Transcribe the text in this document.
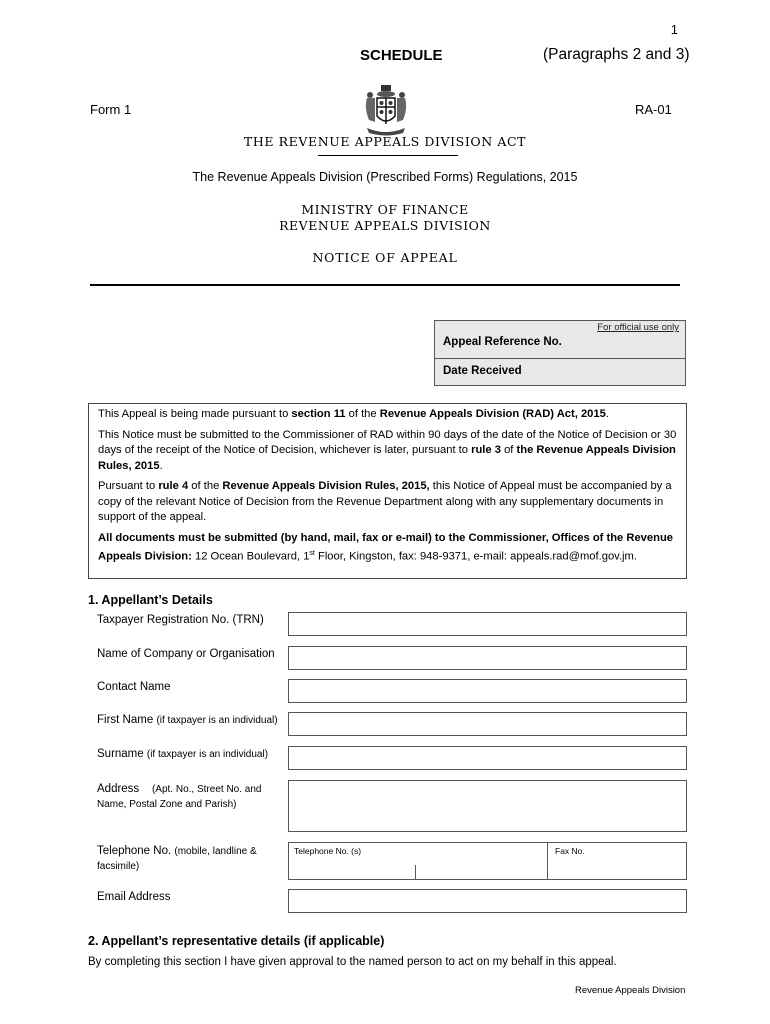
1
SCHEDULE	(Paragraphs 2 and 3)
Form 1	RA-01
THE REVENUE APPEALS DIVISION ACT
The Revenue Appeals Division (Prescribed Forms) Regulations, 2015
MINISTRY OF FINANCE
REVENUE APPEALS DIVISION
NOTICE OF APPEAL
For official use only
Appeal Reference No.
Date Received

This Appeal is being made pursuant to section 11 of the Revenue Appeals Division (RAD) Act, 2015.

This Notice must be submitted to the Commissioner of RAD within 90 days of the date of the Notice of Decision or 30 days of the receipt of the Notice of Decision, whichever is later, pursuant to rule 3 of the Revenue Appeals Division Rules, 2015.

Pursuant to rule 4 of the Revenue Appeals Division Rules, 2015, this Notice of Appeal must be accompanied by a copy of the relevant Notice of Decision from the Revenue Department along with any supplementary documents in support of the appeal.

All documents must be submitted (by hand, mail, fax or e-mail) to the Commissioner, Offices of the Revenue Appeals Division: 12 Ocean Boulevard, 1st Floor, Kingston, fax: 948-9371, e-mail: appeals.rad@mof.gov.jm.

1. Appellant’s Details
Taxpayer Registration No. (TRN)
Name of Company or Organisation
Contact Name
First Name (if taxpayer is an individual)
Surname (if taxpayer is an individual)
Address (Apt. No., Street No. and
Name, Postal Zone and Parish)
Telephone No. (mobile, landline &
facsimile)
Telephone No. (s)	Fax No.
Email Address
2. Appellant’s representative details (if applicable)
By completing this section I have given approval to the named person to act on my behalf in this appeal.
Revenue Appeals Division
